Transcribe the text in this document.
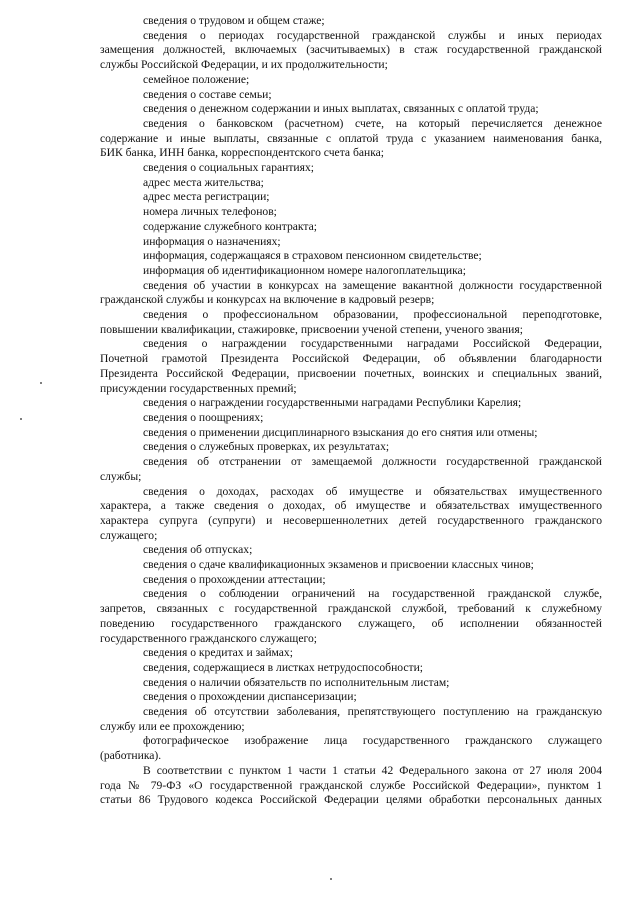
сведения о трудовом и общем стаже;
сведения о периодах государственной гражданской службы и иных периодах
замещения должностей, включаемых (засчитываемых) в стаж государственной гражданской
службы Российской Федерации, и их продолжительности;
семейное положение;
сведения о составе семьи;
сведения о денежном содержании и иных выплатах, связанных с оплатой труда;
сведения о банковском (расчетном) счете, на который перечисляется денежное
содержание и иные выплаты, связанные с оплатой труда с указанием наименования банка,
БИК банка, ИНН банка, корреспондентского счета банка;
сведения о социальных гарантиях;
адрес места жительства;
адрес места регистрации;
номера личных телефонов;
содержание служебного контракта;
информация о назначениях;
информация, содержащаяся в страховом пенсионном свидетельстве;
информация об идентификационном номере налогоплательщика;
сведения об участии в конкурсах на замещение вакантной должности государственной
гражданской службы и конкурсах на включение в кадровый резерв;
сведения о профессиональном образовании, профессиональной переподготовке,
повышении квалификации, стажировке, присвоении ученой степени, ученого звания;
сведения о награждении государственными наградами Российской Федерации,
Почетной грамотой Президента Российской Федерации, об объявлении благодарности
Президента Российской Федерации, присвоении почетных, воинских и специальных званий,
присуждении государственных премий;
сведения о награждении государственными наградами Республики Карелия;
сведения о поощрениях;
сведения о применении дисциплинарного взыскания до его снятия или отмены;
сведения о служебных проверках, их результатах;
сведения об отстранении от замещаемой должности государственной гражданской
службы;
сведения о доходах, расходах об имуществе и обязательствах имущественного
характера, а также сведения о доходах, об имуществе и обязательствах имущественного
характера супруга (супруги) и несовершеннолетних детей государственного гражданского
служащего;
сведения об отпусках;
сведения о сдаче квалификационных экзаменов и присвоении классных чинов;
сведения о прохождении аттестации;
сведения о соблюдении ограничений на государственной гражданской службе,
запретов, связанных с государственной гражданской службой, требований к служебному
поведению государственного гражданского служащего, об исполнении обязанностей
государственного гражданского служащего;
сведения о кредитах и займах;
сведения, содержащиеся в листках нетрудоспособности;
сведения о наличии обязательств по исполнительным листам;
сведения о прохождении диспансеризации;
сведения об отсутствии заболевания, препятствующего поступлению на гражданскую
службу или ее прохождению;
фотографическое изображение лица государственного гражданского служащего
(работника).
В соответствии с пунктом 1 части 1 статьи 42 Федерального закона от 27 июля 2004
года № 79-ФЗ «О государственной гражданской службе Российской Федерации», пунктом 1
статьи 86 Трудового кодекса Российской Федерации целями обработки персональных данных
